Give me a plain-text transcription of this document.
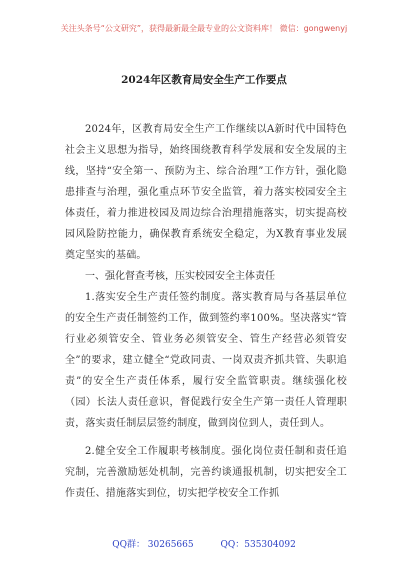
关注头条号“公文研究”，获得最新最全最专业的公文资料库！ 微信：gongwenyj
2024年区教育局安全生产工作要点

2024年，区教育局安全生产工作继续以A新时代中国特色社会主义思想为指导，始终围绕教育科学发展和安全发展的主线，坚持“安全第一、预防为主、综合治理”工作方针，强化隐患排查与治理，强化重点环节安全监管，着力落实校园安全主体责任，着力推进校园及周边综合治理措施落实，切实提高校园风险防控能力，确保教育系统安全稳定，为X教育事业发展奠定坚实的基础。

一、强化督查考核，压实校园安全主体责任

1.落实安全生产责任签约制度。落实教育局与各基层单位的安全生产责任制签约工作，做到签约率100%。坚决落实“管行业必须管安全、管业务必须管安全、管生产经营必须管安全”的要求，建立健全“党政同责、一岗双责齐抓共管、失职追责”的安全生产责任体系，履行安全监管职责。继续强化校（园）长法人责任意识，督促践行安全生产第一责任人管理职责，落实责任制层层签约制度，做到岗位到人，责任到人。

2.健全安全工作履职考核制度。强化岗位责任制和责任追究制，完善激励惩处机制，完善约谈通报机制，切实把安全工作责任、措施落实到位，切实把学校安全工作抓

QQ群： 30265665	QQ：535304092
